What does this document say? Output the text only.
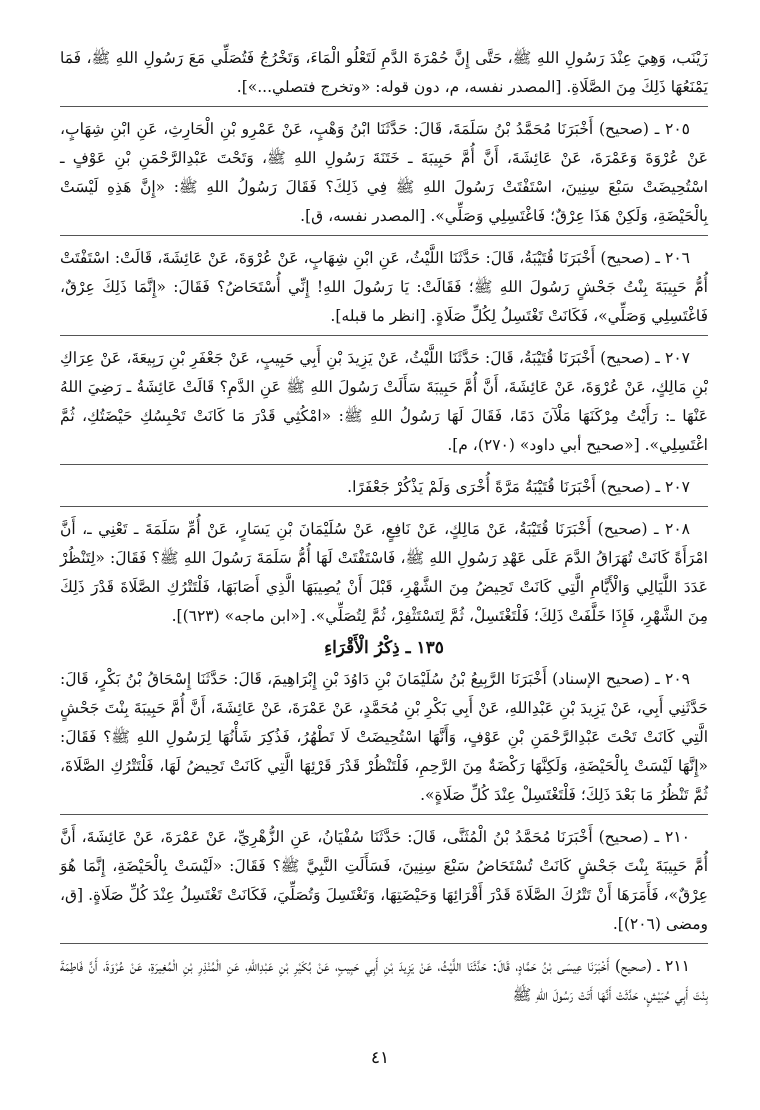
زَيْنَب، وَهِيَ عِنْدَ رَسُولِ اللهِ ﷺ، حَتَّى إِنَّ حُمْرَةَ الدَّمِ لَتَعْلُو الْمَاءَ، وَتَخْرُجُ فَتُصَلِّي مَعَ رَسُولِ اللهِ ﷺ، فَمَا يَمْنَعُهَا ذَلِكَ مِنَ الصَّلَاةِ. [المصدر نفسه، م، دون قوله: «وتخرج فتصلي...»].

٢٠٥ ـ (صحيح) أَخْبَرَنَا مُحَمَّدُ بْنُ سَلَمَةَ، قَالَ: حَدَّثَنَا ابْنُ وَهْبٍ، عَنْ عَمْرِو بْنِ الْحَارِثِ، عَنِ ابْنِ شِهَابٍ، عَنْ عُرْوَةَ وَعَمْرَةَ، عَنْ عَائِشَةَ، أَنَّ أُمَّ حَبِيبَةَ ـ خَتَنَةَ رَسُولِ اللهِ ﷺ، وَتَحْتَ عَبْدِالرَّحْمَنِ بْنِ عَوْفٍ ـ اسْتُحِيضَتْ سَبْعَ سِنِينَ، اسْتَفْتَتْ رَسُولَ اللهِ ﷺ فِي ذَلِكَ؟ فَقَالَ رَسُولُ اللهِ ﷺ: «إِنَّ هَذِهِ لَيْسَتْ بِالْحَيْضَةِ، وَلَكِنْ هَذَا عِرْقٌ؛ فَاغْتَسِلِي وَصَلِّي». [المصدر نفسه، ق].

٢٠٦ ـ (صحيح) أَخْبَرَنَا قُتَيْبَةُ، قَالَ: حَدَّثَنَا اللَّيْثُ، عَنِ ابْنِ شِهَابٍ، عَنْ عُرْوَةَ، عَنْ عَائِشَةَ، قَالَتْ: اسْتَفْتَتْ أُمُّ حَبِيبَةَ بِنْتُ جَحْشٍ رَسُولَ اللهِ ﷺ؛ فَقَالَتْ: يَا رَسُولَ اللهِ! إِنِّي أُسْتَحَاضُ؟ فَقَالَ: «إِنَّمَا ذَلِكَ عِرْقٌ، فَاغْتَسِلِي وَصَلِّي»، فَكَانَتْ تَغْتَسِلُ لِكُلِّ صَلَاةٍ. [انظر ما قبله].

٢٠٧ ـ (صحيح) أَخْبَرَنَا قُتَيْبَةُ، قَالَ: حَدَّثَنَا اللَّيْثُ، عَنْ يَزِيدَ بْنِ أَبِي حَبِيبٍ، عَنْ جَعْفَرِ بْنِ رَبِيعَةَ، عَنْ عِرَاكِ بْنِ مَالِكٍ، عَنْ عُرْوَةَ، عَنْ عَائِشَةَ، أَنَّ أُمَّ حَبِيبَةَ سَأَلَتْ رَسُولَ اللهِ ﷺ عَنِ الدَّمِ؟ قَالَتْ عَائِشَةُ ـ رَضِيَ اللهُ عَنْهَا ـ: رَأَيْتُ مِرْكَنَهَا مَلْآنَ دَمًا، فَقَالَ لَهَا رَسُولُ اللهِ ﷺ: «امْكُثِي قَدْرَ مَا كَانَتْ تَحْبِسُكِ حَيْضَتُكِ، ثُمَّ اغْتَسِلِي». [«صحيح أبي داود» (٢٧٠)، م].

٢٠٧ ـ (صحيح) أَخْبَرَنَا قُتَيْبَةُ مَرَّةً أُخْرَى وَلَمْ يَذْكُرْ جَعْفَرًا.

٢٠٨ ـ (صحيح) أَخْبَرَنَا قُتَيْبَةُ، عَنْ مَالِكٍ، عَنْ نَافِعٍ، عَنْ سُلَيْمَانَ بْنِ يَسَارٍ، عَنْ أُمِّ سَلَمَةَ ـ تَعْنِي ـ، أَنَّ امْرَأَةً كَانَتْ تُهَرَاقُ الدَّمَ عَلَى عَهْدِ رَسُولِ اللهِ ﷺ، فَاسْتَفْتَتْ لَهَا أُمُّ سَلَمَةَ رَسُولَ اللهِ ﷺ؟ فَقَالَ: «لِتَنْظُرْ عَدَدَ اللَّيَالِي وَالْأَيَّامِ الَّتِي كَانَتْ تَحِيضُ مِنَ الشَّهْرِ، قَبْلَ أَنْ يُصِيبَهَا الَّذِي أَصَابَهَا، فَلْتَتْرُكِ الصَّلَاةَ قَدْرَ ذَلِكَ مِنَ الشَّهْرِ، فَإِذَا خَلَّفَتْ ذَلِكَ؛ فَلْتَغْتَسِلْ، ثُمَّ لِتَسْتَثْفِرْ، ثُمَّ لِتُصَلِّي». [«ابن ماجه» (٦٢٣)].

١٣٥ ـ ذِكْرُ الْأَقْرَاءِ

٢٠٩ ـ (صحيح الإسناد) أَخْبَرَنَا الرَّبِيعُ بْنُ سُلَيْمَانَ بْنِ دَاوُدَ بْنِ إِبْرَاهِيمَ، قَالَ: حَدَّثَنَا إِسْحَاقُ بْنُ بَكْرٍ، قَالَ: حَدَّثَنِي أَبِي، عَنْ يَزِيدَ بْنِ عَبْدِاللهِ، عَنْ أَبِي بَكْرِ بْنِ مُحَمَّدٍ، عَنْ عَمْرَةَ، عَنْ عَائِشَةَ، أَنَّ أُمَّ حَبِيبَةَ بِنْتَ جَحْشٍ الَّتِي كَانَتْ تَحْتَ عَبْدِالرَّحْمَنِ بْنِ عَوْفٍ، وَأَنَّهَا اسْتُحِيضَتْ لَا تَطْهُرُ، فَذُكِرَ شَأْنُهَا لِرَسُولِ اللهِ ﷺ؟ فَقَالَ: «إِنَّهَا لَيْسَتْ بِالْحَيْضَةِ، وَلَكِنَّهَا رَكْضَةٌ مِنَ الرَّحِمِ، فَلْتَنْظُرْ قَدْرَ قَرْئِهَا الَّتِي كَانَتْ تَحِيضُ لَهَا، فَلْتَتْرُكِ الصَّلَاةَ، ثُمَّ تَنْظُرُ مَا بَعْدَ ذَلِكَ؛ فَلْتَغْتَسِلْ عِنْدَ كُلِّ صَلَاةٍ».

٢١٠ ـ (صحيح) أَخْبَرَنَا مُحَمَّدُ بْنُ الْمُثَنَّى، قَالَ: حَدَّثَنَا سُفْيَانُ، عَنِ الزُّهْرِيِّ، عَنْ عَمْرَةَ، عَنْ عَائِشَةَ، أَنَّ أُمَّ حَبِيبَةَ بِنْتَ جَحْشٍ كَانَتْ تُسْتَحَاضُ سَبْعَ سِنِينَ، فَسَأَلَتِ النَّبِيَّ ﷺ؟ فَقَالَ: «لَيْسَتْ بِالْحَيْضَةِ، إِنَّمَا هُوَ عِرْقٌ»، فَأَمَرَهَا أَنْ تَتْرُكَ الصَّلَاةَ قَدْرَ أَقْرَائِهَا وَحَيْضَتِهَا، وَتَغْتَسِلَ وَتُصَلِّيَ، فَكَانَتْ تَغْتَسِلُ عِنْدَ كُلِّ صَلَاةٍ. [ق، ومضى (٢٠٦)].

٢١١ ـ (صحيح) أَخْبَرَنَا عِيسَى بْنُ حَمَّادٍ، قَالَ: حَدَّثَنَا اللَّيْثُ، عَنْ يَزِيدَ بْنِ أَبِي حَبِيبٍ، عَنْ بُكَيْرِ بْنِ عَبْدِاللهِ، عَنِ الْمُنْذِرِ بْنِ الْمُغِيرَةِ، عَنْ عُرْوَةَ، أَنَّ فَاطِمَةَ بِنْتَ أَبِي حُبَيْشٍ، حَدَّثَتْ أَنَّهَا أَتَتْ رَسُولَ اللهِ ﷺ

٤١
